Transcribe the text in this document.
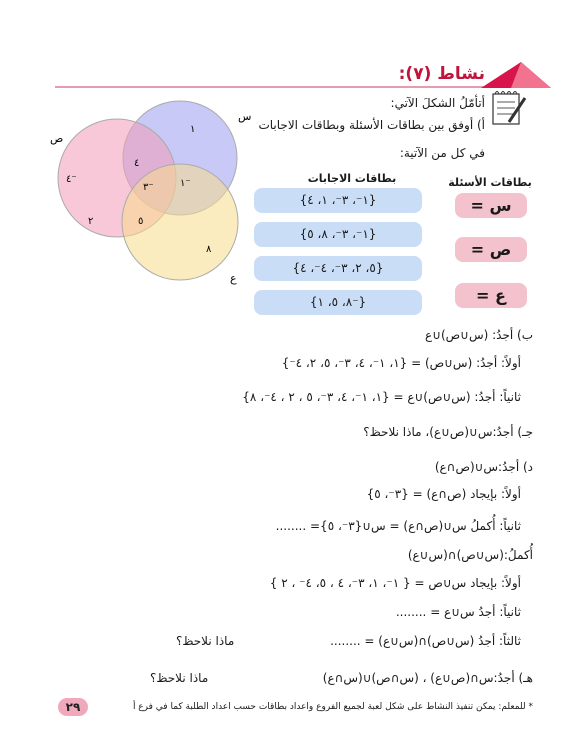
نشاط (٧):
أتأمّلُ الشكلَ الآتي:
أ) أوفق بين بطاقات الأسئلة وبطاقات الاجابات
في كل من الآتية:
س
ص
ع
١
٤
٣⁻	١⁻
٤⁻
٢	٥
٨
بطاقات الاجابات	بطاقات الأسئلة
{١⁻، ٣⁻، ١، ٤}
{١⁻، ٣⁻، ٨، ٥}
{٥، ٢، ٣⁻، ٤⁻، ٤}
{٨، ٥، ١⁻}
س =
ص =
ع =
ب) أجدُ: (س∪ص)∪ع
أولاً: أجدُ: (س∪ص) = {١، ١⁻، ٤، ٣⁻، ٥، ٢، ٤⁻}
ثانياً: أجدُ: (س∪ص)∪ع = {١، ١⁻، ٤، ٣⁻، ٥ ، ٢ ، ٤⁻، ٨}
جـ) أجدُ:س∪(ص∪ع)، ماذا نلاحظ؟
د) أجدُ:س∪(ص∩ع)
أولاً: بإيجاد (ص∩ع) = {٣⁻، ٥}
ثانياً: أُكملُ س∪(ص∩ع) = س∪{٣⁻، ٥}= ........
أُكملُ:(س∪ص)∩(س∪ع)
أولاً: بإيجاد س∪ص = { ١⁻، ١، ٣⁻، ٤ ، ٥، ٤⁻ ، ٢ }
ثانياً: أجدُ س∪ع = ........
ثالثاً: أجدُ (س∪ص)∩(س∪ع) = ........
ماذا نلاحظ؟
هـ) أجدُ:س∩(ص∪ع) ، (س∩ص)∪(س∩ع)
ماذا نلاحظ؟
٢٩	* للمعلم: يمكن تنفيذ النشاط على شكل لعبة لجميع الفروع واعداد بطاقات حسب اعداد الطلبة كما في فرع أ
